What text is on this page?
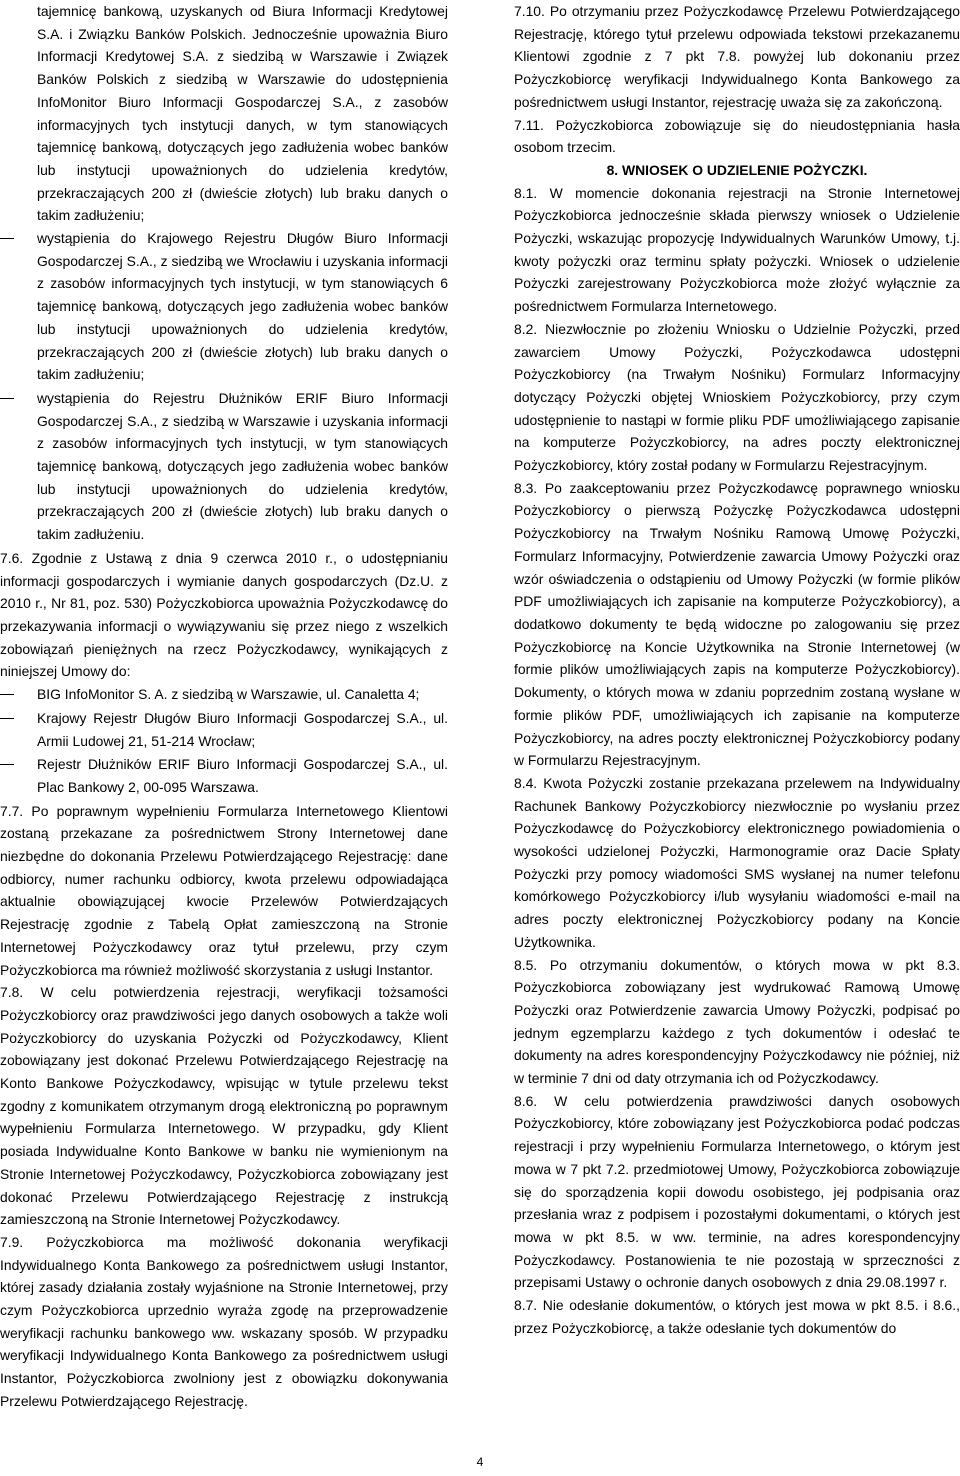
tajemnicę bankową, uzyskanych od Biura Informacji Kredytowej S.A. i Związku Banków Polskich. Jednocześnie upoważnia Biuro Informacji Kredytowej S.A. z siedzibą w Warszawie i Związek Banków Polskich z siedzibą w Warszawie do udostępnienia InfoMonitor Biuro Informacji Gospodarczej S.A., z zasobów informacyjnych tych instytucji danych, w tym stanowiących tajemnicę bankową, dotyczących jego zadłużenia wobec banków lub instytucji upoważnionych do udzielenia kredytów, przekraczających 200 zł (dwieście złotych) lub braku danych o takim zadłużeniu;

wystąpienia do Krajowego Rejestru Długów Biuro Informacji Gospodarczej S.A., z siedzibą we Wrocławiu i uzyskania informacji z zasobów informacyjnych tych instytucji, w tym stanowiących 6 tajemnicę bankową, dotyczących jego zadłużenia wobec banków lub instytucji upoważnionych do udzielenia kredytów, przekraczających 200 zł (dwieście złotych) lub braku danych o takim zadłużeniu;
wystąpienia do Rejestru Dłużników ERIF Biuro Informacji Gospodarczej S.A., z siedzibą w Warszawie i uzyskania informacji z zasobów informacyjnych tych instytucji, w tym stanowiących tajemnicę bankową, dotyczących jego zadłużenia wobec banków lub instytucji upoważnionych do udzielenia kredytów, przekraczających 200 zł (dwieście złotych) lub braku danych o takim zadłużeniu.

7.6. Zgodnie z Ustawą z dnia 9 czerwca 2010 r., o udostępnianiu informacji gospodarczych i wymianie danych gospodarczych (Dz.U. z 2010 r., Nr 81, poz. 530) Pożyczkobiorca upoważnia Pożyczkodawcę do przekazywania informacji o wywiązywaniu się przez niego z wszelkich zobowiązań pieniężnych na rzecz Pożyczkodawcy, wynikających z niniejszej Umowy do:

BIG InfoMonitor S. A. z siedzibą w Warszawie, ul. Canaletta 4;
Krajowy Rejestr Długów Biuro Informacji Gospodarczej S.A., ul. Armii Ludowej 21, 51-214 Wrocław;
Rejestr Dłużników ERIF Biuro Informacji Gospodarczej S.A., ul. Plac Bankowy 2, 00-095 Warszawa.

7.7. Po poprawnym wypełnieniu Formularza Internetowego Klientowi zostaną przekazane za pośrednictwem Strony Internetowej dane niezbędne do dokonania Przelewu Potwierdzającego Rejestrację: dane odbiorcy, numer rachunku odbiorcy, kwota przelewu odpowiadająca aktualnie obowiązującej kwocie Przelewów Potwierdzających Rejestrację zgodnie z Tabelą Opłat zamieszczoną na Stronie Internetowej Pożyczkodawcy oraz tytuł przelewu, przy czym Pożyczkobiorca ma również możliwość skorzystania z usługi Instantor.

7.8. W celu potwierdzenia rejestracji, weryfikacji tożsamości Pożyczkobiorcy oraz prawdziwości jego danych osobowych a także woli Pożyczkobiorcy do uzyskania Pożyczki od Pożyczkodawcy, Klient zobowiązany jest dokonać Przelewu Potwierdzającego Rejestrację na Konto Bankowe Pożyczkodawcy, wpisując w tytule przelewu tekst zgodny z komunikatem otrzymanym drogą elektroniczną po poprawnym wypełnieniu Formularza Internetowego. W przypadku, gdy Klient posiada Indywidualne Konto Bankowe w banku nie wymienionym na Stronie Internetowej Pożyczkodawcy, Pożyczkobiorca zobowiązany jest dokonać Przelewu Potwierdzającego Rejestrację z instrukcją zamieszczoną na Stronie Internetowej Pożyczkodawcy.

7.9. Pożyczkobiorca ma możliwość dokonania weryfikacji Indywidualnego Konta Bankowego za pośrednictwem usługi Instantor, której zasady działania zostały wyjaśnione na Stronie Internetowej, przy czym Pożyczkobiorca uprzednio wyraża zgodę na przeprowadzenie weryfikacji rachunku bankowego ww. wskazany sposób. W przypadku weryfikacji Indywidualnego Konta Bankowego za pośrednictwem usługi Instantor, Pożyczkobiorca zwolniony jest z obowiązku dokonywania Przelewu Potwierdzającego Rejestrację.

7.10. Po otrzymaniu przez Pożyczkodawcę Przelewu Potwierdzającego Rejestrację, którego tytuł przelewu odpowiada tekstowi przekazanemu Klientowi zgodnie z 7 pkt 7.8. powyżej lub dokonaniu przez Pożyczkobiorcę weryfikacji Indywidualnego Konta Bankowego za pośrednictwem usługi Instantor, rejestrację uważa się za zakończoną.

7.11. Pożyczkobiorca zobowiązuje się do nieudostępniania hasła osobom trzecim.

8. WNIOSEK O UDZIELENIE POŻYCZKI.

8.1. W momencie dokonania rejestracji na Stronie Internetowej Pożyczkobiorca jednocześnie składa pierwszy wniosek o Udzielenie Pożyczki, wskazując propozycję Indywidualnych Warunków Umowy, t.j. kwoty pożyczki oraz terminu spłaty pożyczki. Wniosek o udzielenie Pożyczki zarejestrowany Pożyczkobiorca może złożyć wyłącznie za pośrednictwem Formularza Internetowego.

8.2. Niezwłocznie po złożeniu Wniosku o Udzielnie Pożyczki, przed zawarciem Umowy Pożyczki, Pożyczkodawca udostępni Pożyczkobiorcy (na Trwałym Nośniku) Formularz Informacyjny dotyczący Pożyczki objętej Wnioskiem Pożyczkobiorcy, przy czym udostępnienie to nastąpi w formie pliku PDF umożliwiającego zapisanie na komputerze Pożyczkobiorcy, na adres poczty elektronicznej Pożyczkobiorcy, który został podany w Formularzu Rejestracyjnym.

8.3. Po zaakceptowaniu przez Pożyczkodawcę poprawnego wniosku Pożyczkobiorcy o pierwszą Pożyczkę Pożyczkodawca udostępni Pożyczkobiorcy na Trwałym Nośniku Ramową Umowę Pożyczki, Formularz Informacyjny, Potwierdzenie zawarcia Umowy Pożyczki oraz wzór oświadczenia o odstąpieniu od Umowy Pożyczki (w formie plików PDF umożliwiających ich zapisanie na komputerze Pożyczkobiorcy), a dodatkowo dokumenty te będą widoczne po zalogowaniu się przez Pożyczkobiorcę na Koncie Użytkownika na Stronie Internetowej (w formie plików umożliwiających zapis na komputerze Pożyczkobiorcy). Dokumenty, o których mowa w zdaniu poprzednim zostaną wysłane w formie plików PDF, umożliwiających ich zapisanie na komputerze Pożyczkobiorcy, na adres poczty elektronicznej Pożyczkobiorcy podany w Formularzu Rejestracyjnym.

8.4. Kwota Pożyczki zostanie przekazana przelewem na Indywidualny Rachunek Bankowy Pożyczkobiorcy niezwłocznie po wysłaniu przez Pożyczkodawcę do Pożyczkobiorcy elektronicznego powiadomienia o wysokości udzielonej Pożyczki, Harmonogramie oraz Dacie Spłaty Pożyczki przy pomocy wiadomości SMS wysłanej na numer telefonu komórkowego Pożyczkobiorcy i/lub wysyłaniu wiadomości e-mail na adres poczty elektronicznej Pożyczkobiorcy podany na Koncie Użytkownika.

8.5. Po otrzymaniu dokumentów, o których mowa w pkt 8.3. Pożyczkobiorca zobowiązany jest wydrukować Ramową Umowę Pożyczki oraz Potwierdzenie zawarcia Umowy Pożyczki, podpisać po jednym egzemplarzu każdego z tych dokumentów i odesłać te dokumenty na adres korespondencyjny Pożyczkodawcy nie później, niż w terminie 7 dni od daty otrzymania ich od Pożyczkodawcy.

8.6. W celu potwierdzenia prawdziwości danych osobowych Pożyczkobiorcy, które zobowiązany jest Pożyczkobiorca podać podczas rejestracji i przy wypełnieniu Formularza Internetowego, o którym jest mowa w 7 pkt 7.2. przedmiotowej Umowy, Pożyczkobiorca zobowiązuje się do sporządzenia kopii dowodu osobistego, jej podpisania oraz przesłania wraz z podpisem i pozostałymi dokumentami, o których jest mowa w pkt 8.5. w ww. terminie, na adres korespondencyjny Pożyczkodawcy. Postanowienia te nie pozostają w sprzeczności z przepisami Ustawy o ochronie danych osobowych z dnia 29.08.1997 r.

8.7. Nie odesłanie dokumentów, o których jest mowa w pkt 8.5. i 8.6., przez Pożyczkobiorcę, a także odesłanie tych dokumentów do

4
